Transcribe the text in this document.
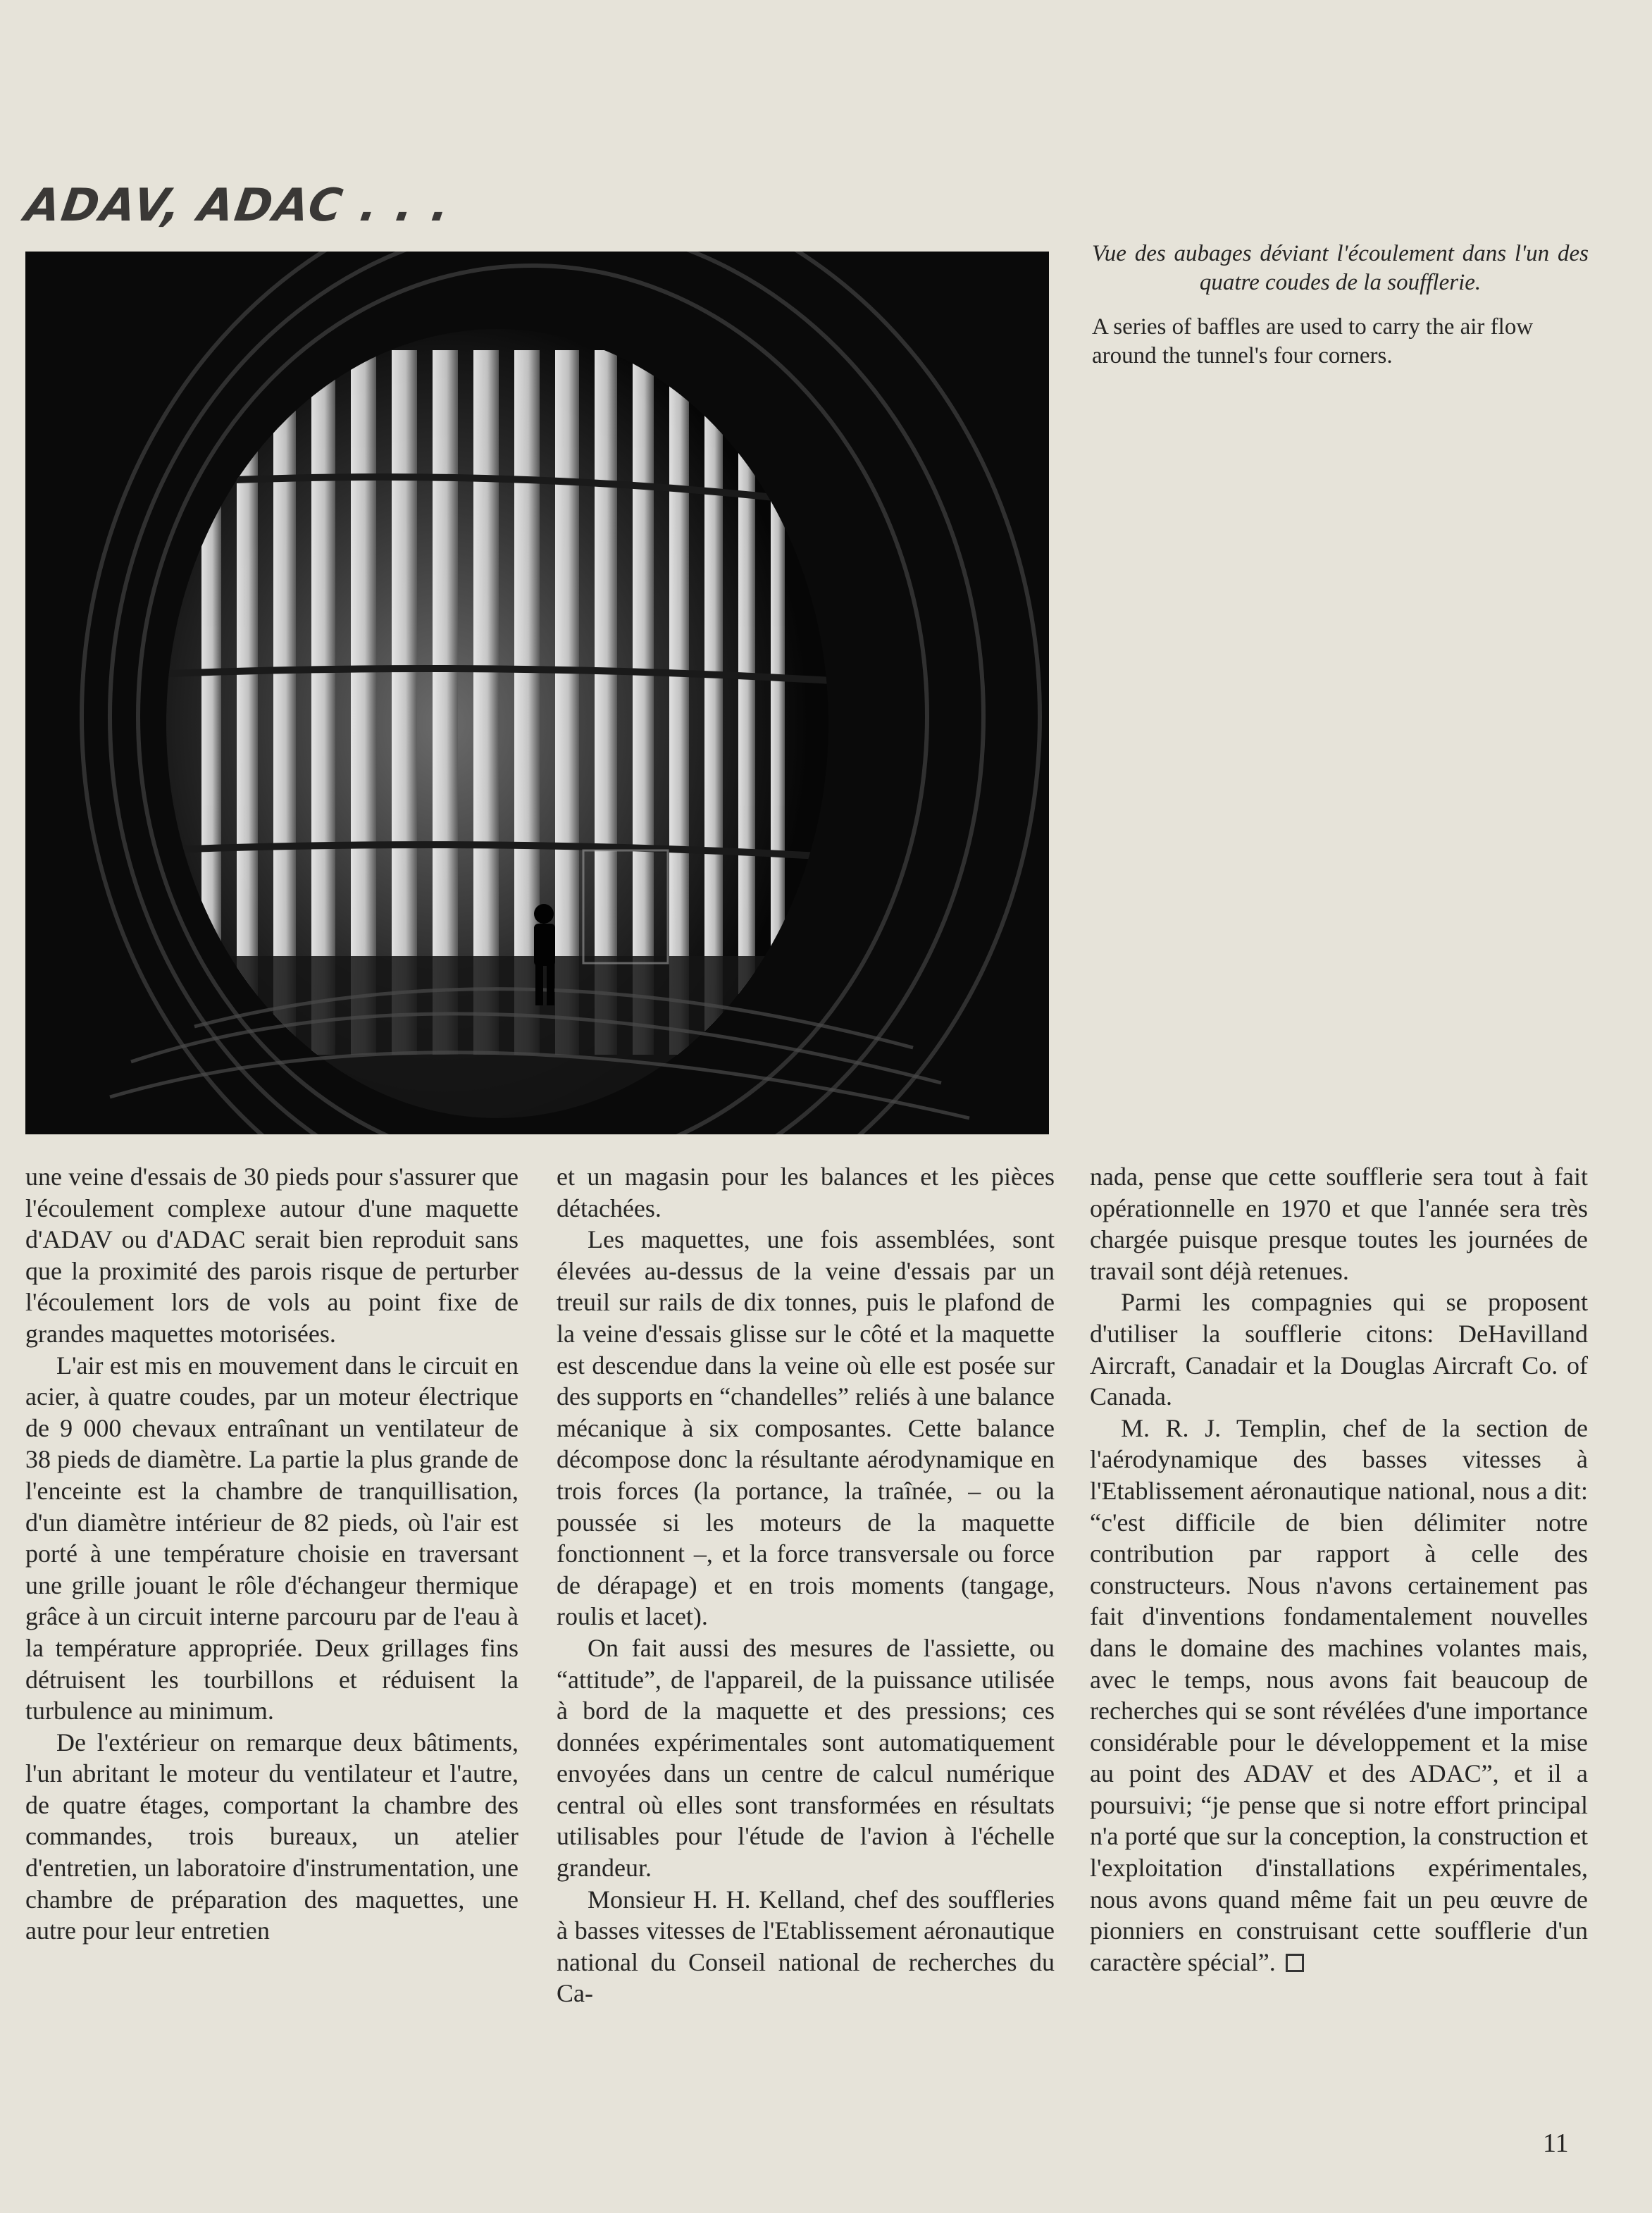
ADAV, ADAC . . .

Vue des aubages déviant l'écoulement dans l'un des quatre coudes de la soufflerie.

A series of baffles are used to carry the air flow around the tunnel's four corners.

une veine d'essais de 30 pieds pour s'assurer que l'écoulement complexe autour d'une maquette d'ADAV ou d'ADAC serait bien reproduit sans que la proximité des parois risque de perturber l'écoulement lors de vols au point fixe de grandes maquettes motorisées.

L'air est mis en mouvement dans le circuit en acier, à quatre coudes, par un moteur électrique de 9 000 chevaux entraînant un ventilateur de 38 pieds de diamètre. La partie la plus grande de l'enceinte est la chambre de tranquillisation, d'un diamètre intérieur de 82 pieds, où l'air est porté à une température choisie en traversant une grille jouant le rôle d'échangeur thermique grâce à un circuit interne parcouru par de l'eau à la température appropriée. Deux grillages fins détruisent les tourbillons et réduisent la turbulence au minimum.

De l'extérieur on remarque deux bâtiments, l'un abritant le moteur du ventilateur et l'autre, de quatre étages, comportant la chambre des commandes, trois bureaux, un atelier d'entretien, un laboratoire d'instrumentation, une chambre de préparation des maquettes, une autre pour leur entretien

et un magasin pour les balances et les pièces détachées.

Les maquettes, une fois assemblées, sont élevées au-dessus de la veine d'essais par un treuil sur rails de dix tonnes, puis le plafond de la veine d'essais glisse sur le côté et la maquette est descendue dans la veine où elle est posée sur des supports en “chandelles” reliés à une balance mécanique à six composantes. Cette balance décompose donc la résultante aérodynamique en trois forces (la portance, la traînée, – ou la poussée si les moteurs de la maquette fonctionnent –, et la force transversale ou force de dérapage) et en trois moments (tangage, roulis et lacet).

On fait aussi des mesures de l'assiette, ou “attitude”, de l'appareil, de la puissance utilisée à bord de la maquette et des pressions; ces données expérimentales sont automatiquement envoyées dans un centre de calcul numérique central où elles sont transformées en résultats utilisables pour l'étude de l'avion à l'échelle grandeur.

Monsieur H. H. Kelland, chef des souffleries à basses vitesses de l'Etablissement aéronautique national du Conseil national de recherches du Ca-

nada, pense que cette soufflerie sera tout à fait opérationnelle en 1970 et que l'année sera très chargée puisque presque toutes les journées de travail sont déjà retenues.

Parmi les compagnies qui se proposent d'utiliser la soufflerie citons: DeHavilland Aircraft, Canadair et la Douglas Aircraft Co. of Canada.

M. R. J. Templin, chef de la section de l'aérodynamique des basses vitesses à l'Etablissement aéronautique national, nous a dit: “c'est difficile de bien délimiter notre contribution par rapport à celle des constructeurs. Nous n'avons certainement pas fait d'inventions fondamentalement nouvelles dans le domaine des machines volantes mais, avec le temps, nous avons fait beaucoup de recherches qui se sont révélées d'une importance considérable pour le développement et la mise au point des ADAV et des ADAC”, et il a poursuivi; “je pense que si notre effort principal n'a porté que sur la conception, la construction et l'exploitation d'installations expérimentales, nous avons quand même fait un peu œuvre de pionniers en construisant cette soufflerie d'un caractère spécial”.

11
